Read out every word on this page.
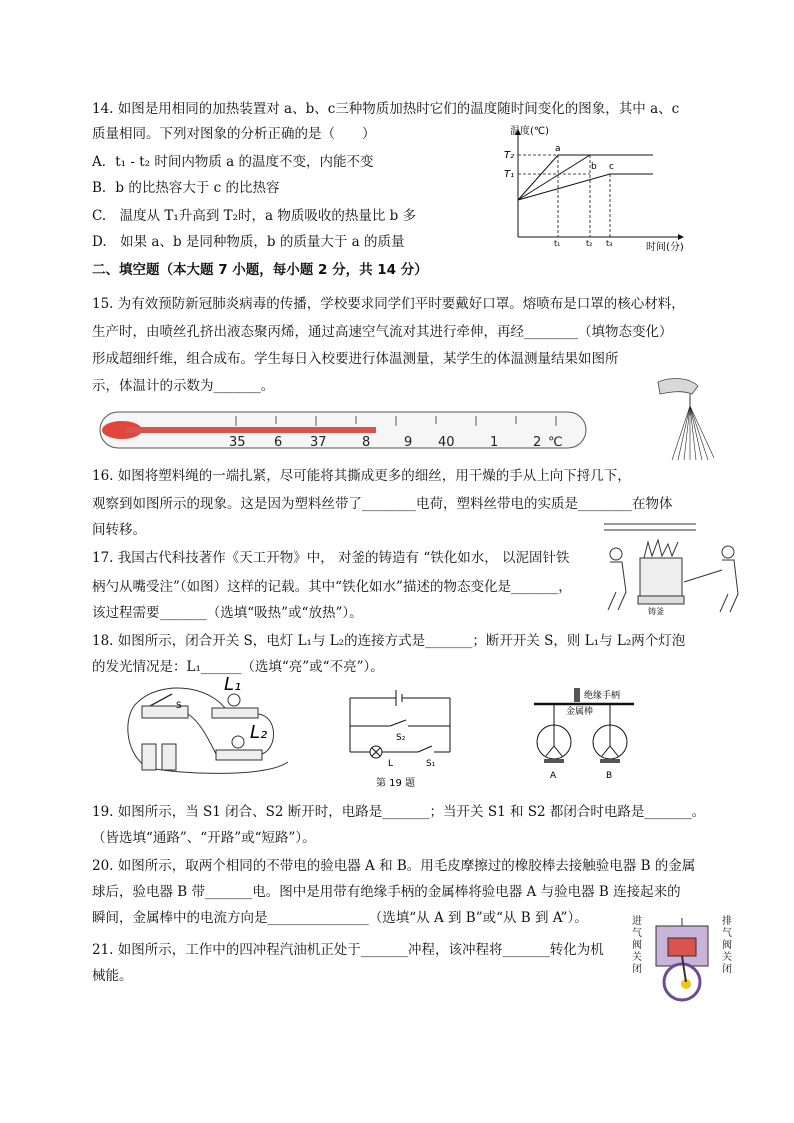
14. 如图是用相同的加热装置对 a、b、c三种物质加热时它们的温度随时间变化的图象，其中 a、c
质量相同。下列对图象的分析正确的是（　　）
A．t₁ - t₂ 时间内物质 a 的温度不变，内能不变
B．b 的比热容大于 c 的比热容
C.　温度从 T₁升高到 T₂时，a 物质吸收的热量比 b 多
D.　如果 a、b 是同种物质，b 的质量大于 a 的质量
温度(℃)
时间(分)
T₂
T₁
a
b c
t₁	t₂ t₃
二、填空题（本大题 7 小题，每小题 2 分，共 14 分）
15. 为有效预防新冠肺炎病毒的传播，学校要求同学们平时要戴好口罩。熔喷布是口罩的核心材料，
生产时，由喷丝孔挤出液态聚丙烯，通过高速空气流对其进行牵伸，再经________（填物态变化）
形成超细纤维，组合成布。学生每日入校要进行体温测量，某学生的体温测量结果如图所
示，体温计的示数为_______。
35 6 37	8	9 40	1	2 ℃
16. 如图将塑料绳的一端扎紧，尽可能将其撕成更多的细丝，用干燥的手从上向下捋几下，
观察到如图所示的现象。这是因为塑料丝带了________电荷，塑料丝带电的实质是________在物体
间转移。
17. 我国古代科技著作《天工开物》中， 对釜的铸造有 “铁化如水， 以泥固针铁
柄勺从嘴受注”（如图）这样的记载。其中“铁化如水”描述的物态变化是_______，
该过程需要_______（选填“吸热”或“放热”）。	铸釜
18. 如图所示，闭合开关 S，电灯 L₁与 L₂的连接方式是_______；断开开关 S，则 L₁与 L₂两个灯泡
的发光情况是：L₁______（选填“亮”或“不亮”）。
S
L₁
L₂	S₂
L	S₁
第 19 题
绝缘手柄
金属棒
A	B
19. 如图所示，当 S1 闭合、S2 断开时，电路是_______；当开关 S1 和 S2 都闭合时电路是_______。
（皆选填“通路”、“开路”或“短路”）。
20. 如图所示，取两个相同的不带电的验电器 A 和 B。用毛皮摩擦过的橡胶棒去接触验电器 B 的金属
球后，验电器 B 带_______电。图中是用带有绝缘手柄的金属棒将验电器 A 与验电器 B 连接起来的
瞬间，金属棒中的电流方向是_______________（选填“从 A 到 B”或“从 B 到 A”）。
21. 如图所示，工作中的四冲程汽油机正处于_______冲程，该冲程将_______转化为机
械能。
进气阀关闭
排气阀关闭
